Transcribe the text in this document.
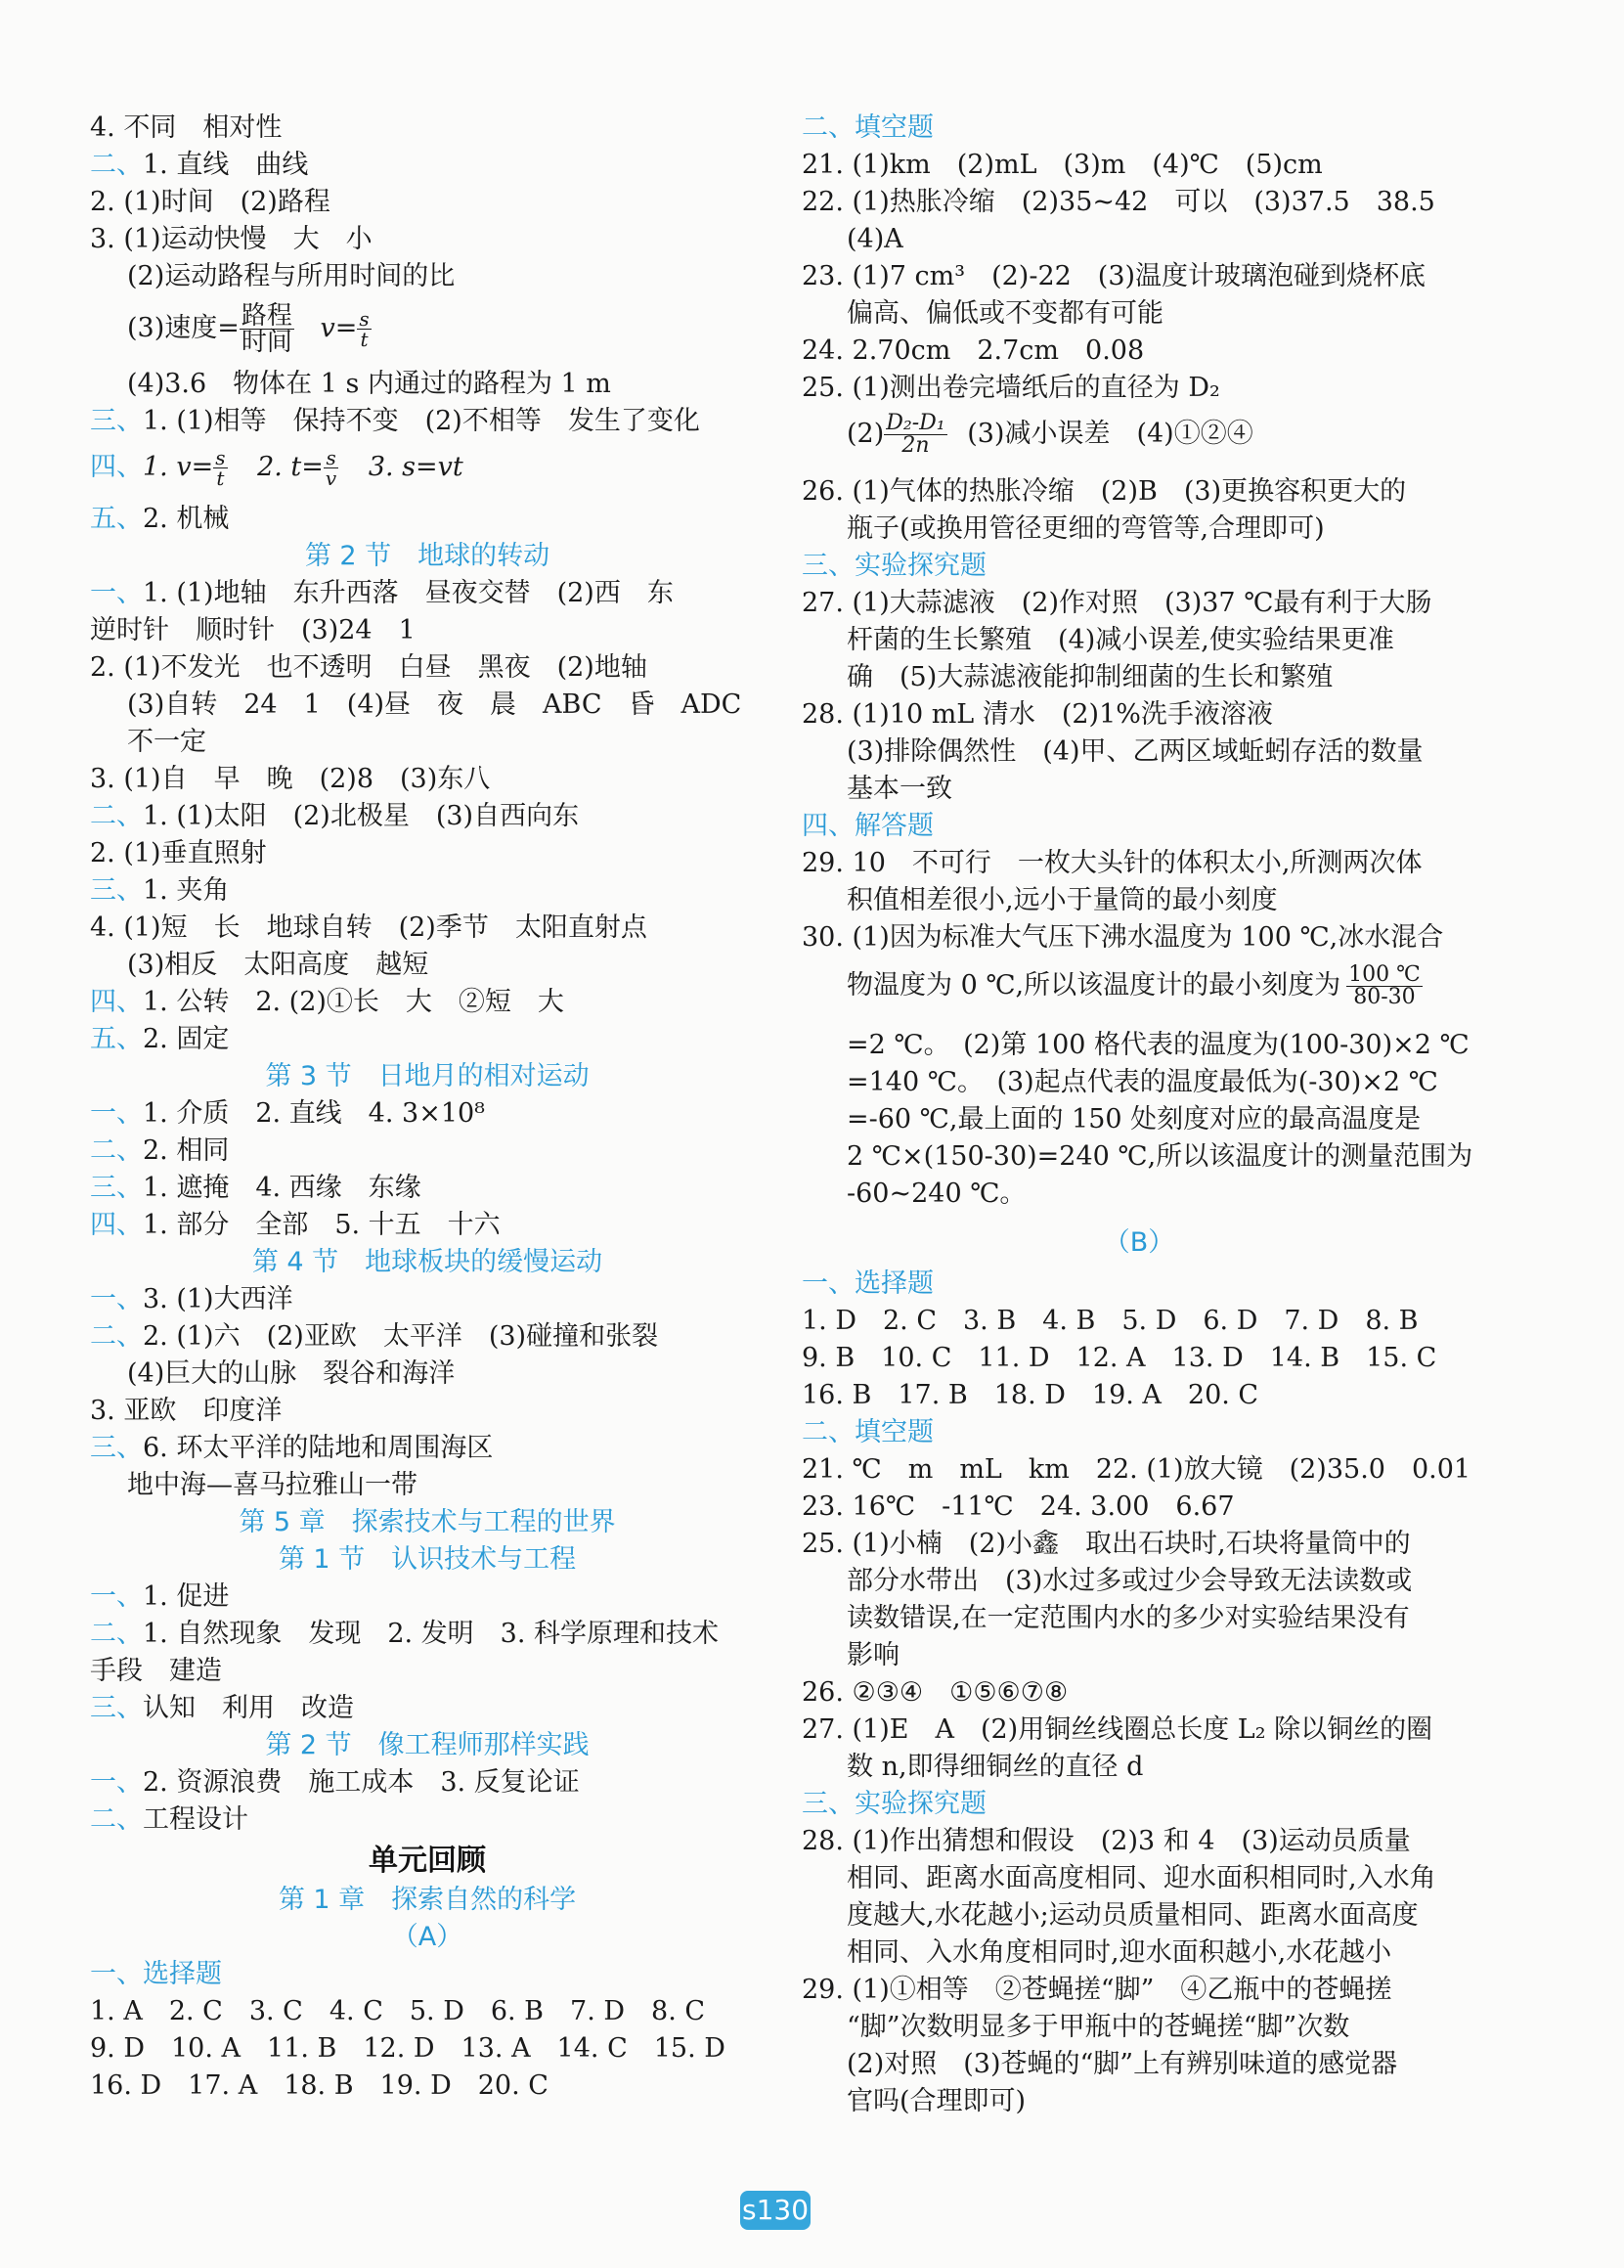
4. 不同　相对性
二、1. 直线　曲线
2. (1)时间　(2)路程
3. (1)运动快慢　大　小
(2)运动路程与所用时间的比
(3)速度= $\frac{\text{路程}}{\text{时间}} v= \frac{s}{t}$
(4)3.6　物体在 1 s 内通过的路程为 1 m
三、1. (1)相等　保持不变　(2)不相等　发生了变化
四、1. $v= \frac{s}{t} 2$. $t= \frac{s}{v} 3$. s=vt
五、2. 机械
第 2 节　地球的转动
一、1. (1)地轴　东升西落　昼夜交替　(2)西　东
逆时针　顺时针　(3)24　1
2. (1)不发光　也不透明　白昼　黑夜　(2)地轴
(3)自转　24　1　(4)昼　夜　晨　ABC　昏　ADC
不一定
3. (1)自　早　晚　(2)8　(3)东八
二、1. (1)太阳　(2)北极星　(3)自西向东
2. (1)垂直照射
三、1. 夹角
4. (1)短　长　地球自转　(2)季节　太阳直射点
(3)相反　太阳高度　越短
四、1. 公转　2. (2)①长　大　②短　大
五、2. 固定
第 3 节　日地月的相对运动
一、1. 介质　2. 直线　4. 3×10⁸
二、2. 相同
三、1. 遮掩　4. 西缘　东缘
四、1. 部分　全部　5. 十五　十六
第 4 节　地球板块的缓慢运动
一、3. (1)大西洋
二、2. (1)六　(2)亚欧　太平洋　(3)碰撞和张裂
(4)巨大的山脉　裂谷和海洋
3. 亚欧　印度洋
三、6. 环太平洋的陆地和周围海区
地中海—喜马拉雅山一带
第 5 章　探索技术与工程的世界
第 1 节　认识技术与工程
一、1. 促进
二、1. 自然现象　发现　2. 发明　3. 科学原理和技术
手段　建造
三、认知　利用　改造
第 2 节　像工程师那样实践
一、2. 资源浪费　施工成本　3. 反复论证
二、工程设计
单元回顾
第 1 章　探索自然的科学
（A）
一、选择题
1. A　2. C　3. C　4. C　5. D　6. B　7. D　8. C
9. D　10. A　11. B　12. D　13. A　14. C　15. D
16. D　17. A　18. B　19. D　20. C
二、填空题
21. (1)km　(2)mL　(3)m　(4)℃　(5)cm
22. (1)热胀冷缩　(2)35~42　可以　(3)37.5　38.5
(4)A
23. (1)7 cm³　(2)-22　(3)温度计玻璃泡碰到烧杯底
偏高、偏低或不变都有可能
24. 2.70cm　2.7cm　0.08
25. (1)测出卷完墙纸后的直径为 D₂
$(2) \frac{\text{D₂-D₁}}{2n} (3)$减小误差　(4)①②④
26. (1)气体的热胀冷缩　(2)B　(3)更换容积更大的
瓶子(或换用管径更细的弯管等,合理即可)
三、实验探究题
27. (1)大蒜滤液　(2)作对照　(3)37 ℃最有利于大肠
杆菌的生长繁殖　(4)减小误差,使实验结果更准
确　(5)大蒜滤液能抑制细菌的生长和繁殖
28. (1)10 mL 清水　(2)1%洗手液溶液
(3)排除偶然性　(4)甲、乙两区域蚯蚓存活的数量
基本一致
四、解答题
29. 10　不可行　一枚大头针的体积太小,所测两次体
积值相差很小,远小于量筒的最小刻度
30. (1)因为标准大气压下沸水温度为 100 ℃,冰水混合
物温度为 0 ℃,所以该温度计的最小刻度为 $\frac{100 ℃}{80-30}$
=2 ℃。　(2)第 100 格代表的温度为(100-30)×2 ℃
=140 ℃。　(3)起点代表的温度最低为(-30)×2 ℃
=-60 ℃,最上面的 150 处刻度对应的最高温度是
2 ℃×(150-30)=240 ℃,所以该温度计的测量范围为
-60~240 ℃。
（B）
一、选择题
1. D　2. C　3. B　4. B　5. D　6. D　7. D　8. B
9. B　10. C　11. D　12. A　13. D　14. B　15. C
16. B　17. B　18. D　19. A　20. C
二、填空题
21. ℃　m　mL　km　22. (1)放大镜　(2)35.0　0.01
23. 16℃　-11℃　24. 3.00　6.67
25. (1)小楠　(2)小鑫　取出石块时,石块将量筒中的
部分水带出　(3)水过多或过少会导致无法读数或
读数错误,在一定范围内水的多少对实验结果没有
影响
26. ②③④　①⑤⑥⑦⑧
27. (1)E　A　(2)用铜丝线圈总长度 L₂ 除以铜丝的圈
数 n,即得细铜丝的直径 d
三、实验探究题
28. (1)作出猜想和假设　(2)3 和 4　(3)运动员质量
相同、距离水面高度相同、迎水面积相同时,入水角
度越大,水花越小;运动员质量相同、距离水面高度
相同、入水角度相同时,迎水面积越小,水花越小
29. (1)①相等　②苍蝇搓“脚”　④乙瓶中的苍蝇搓
“脚”次数明显多于甲瓶中的苍蝇搓“脚”次数
(2)对照　(3)苍蝇的“脚”上有辨别味道的感觉器
官吗(合理即可)
s130
